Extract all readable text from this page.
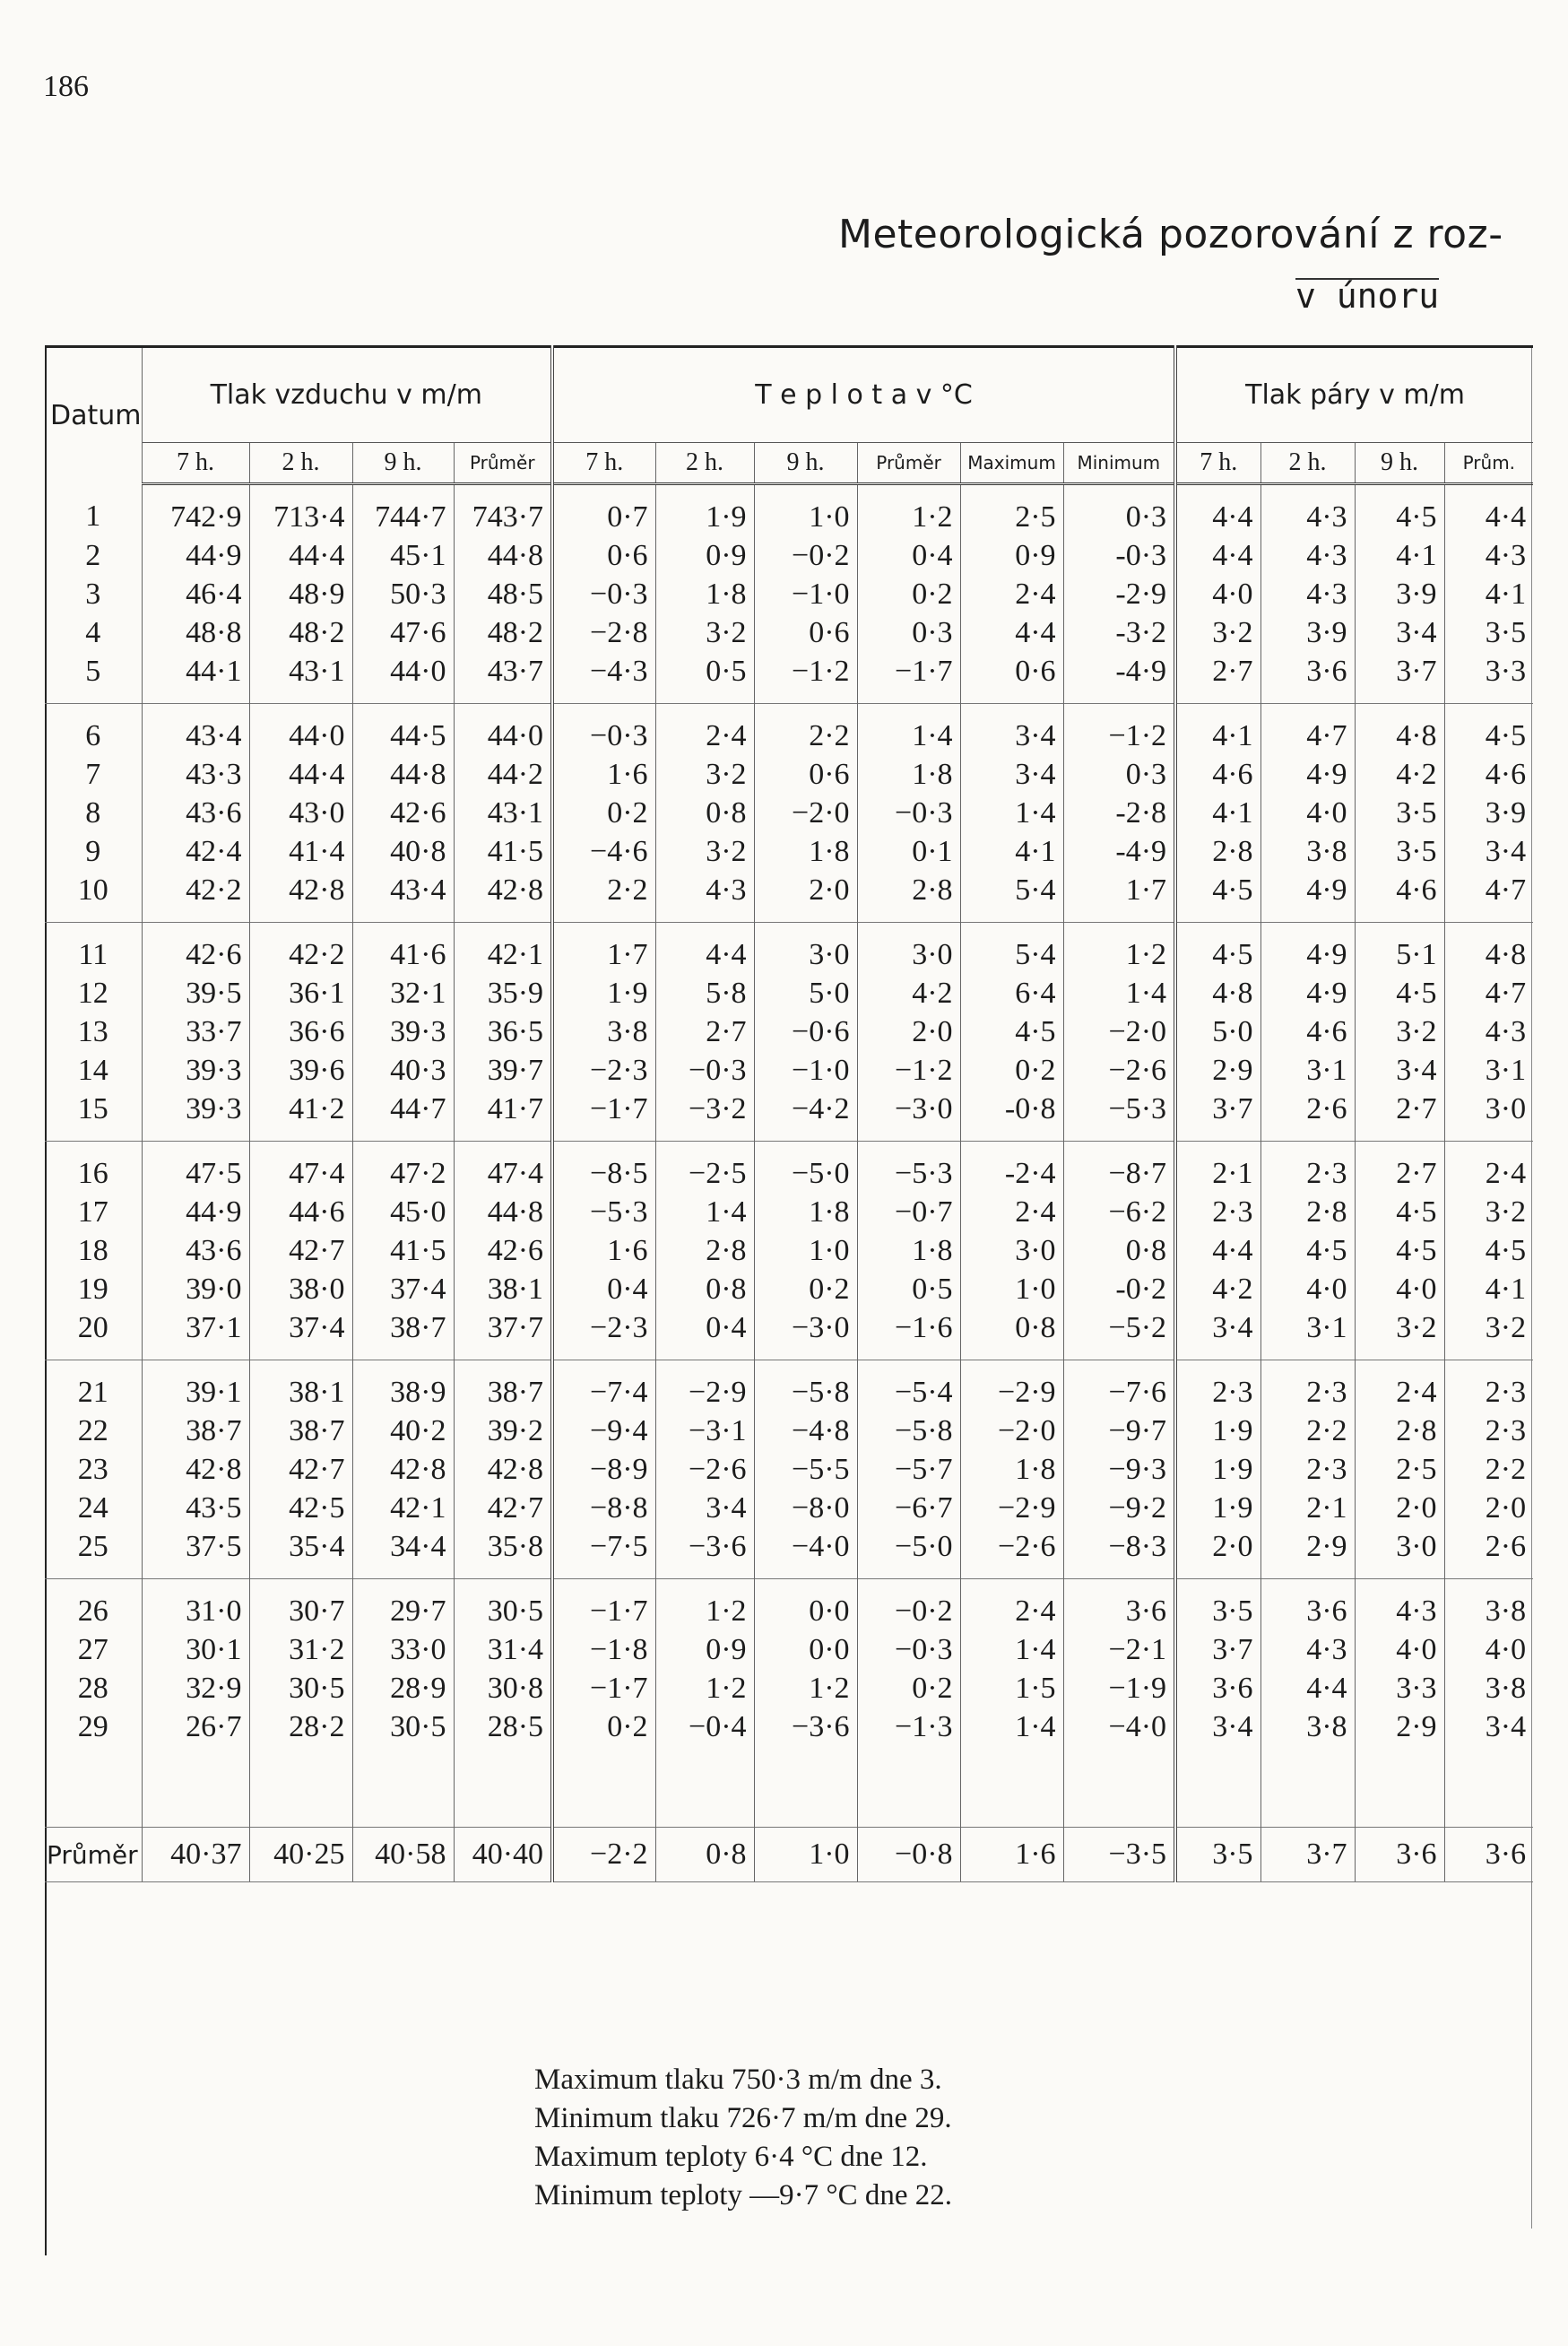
186
Meteorologická pozorování z roz-
v únoru
Datum	Tlak vzduchu v m/m				T e p l o t a v °C						Tlak páry v m/m			
	7 h.	2 h.	9 h.	Průměr	7 h.	2 h.	9 h.	Průměr	Maximum	Minimum	7 h.	2 h.	9 h.	Prům.
1	742·9	713·4	744·7	743·7	0·7	1·9	1·0	1·2	2·5	0·3	4·4	4·3	4·5	4·4
2	44·9	44·4	45·1	44·8	0·6	0·9	−0·2	0·4	0·9	-0·3	4·4	4·3	4·1	4·3
3	46·4	48·9	50·3	48·5	−0·3	1·8	−1·0	0·2	2·4	-2·9	4·0	4·3	3·9	4·1
4	48·8	48·2	47·6	48·2	−2·8	3·2	0·6	0·3	4·4	-3·2	3·2	3·9	3·4	3·5
5	44·1	43·1	44·0	43·7	−4·3	0·5	−1·2	−1·7	0·6	-4·9	2·7	3·6	3·7	3·3
6	43·4	44·0	44·5	44·0	−0·3	2·4	2·2	1·4	3·4	−1·2	4·1	4·7	4·8	4·5
7	43·3	44·4	44·8	44·2	1·6	3·2	0·6	1·8	3·4	0·3	4·6	4·9	4·2	4·6
8	43·6	43·0	42·6	43·1	0·2	0·8	−2·0	−0·3	1·4	-2·8	4·1	4·0	3·5	3·9
9	42·4	41·4	40·8	41·5	−4·6	3·2	1·8	0·1	4·1	-4·9	2·8	3·8	3·5	3·4
10	42·2	42·8	43·4	42·8	2·2	4·3	2·0	2·8	5·4	1·7	4·5	4·9	4·6	4·7
11	42·6	42·2	41·6	42·1	1·7	4·4	3·0	3·0	5·4	1·2	4·5	4·9	5·1	4·8
12	39·5	36·1	32·1	35·9	1·9	5·8	5·0	4·2	6·4	1·4	4·8	4·9	4·5	4·7
13	33·7	36·6	39·3	36·5	3·8	2·7	−0·6	2·0	4·5	−2·0	5·0	4·6	3·2	4·3
14	39·3	39·6	40·3	39·7	−2·3	−0·3	−1·0	−1·2	0·2	−2·6	2·9	3·1	3·4	3·1
15	39·3	41·2	44·7	41·7	−1·7	−3·2	−4·2	−3·0	-0·8	−5·3	3·7	2·6	2·7	3·0
16	47·5	47·4	47·2	47·4	−8·5	−2·5	−5·0	−5·3	-2·4	−8·7	2·1	2·3	2·7	2·4
17	44·9	44·6	45·0	44·8	−5·3	1·4	1·8	−0·7	2·4	−6·2	2·3	2·8	4·5	3·2
18	43·6	42·7	41·5	42·6	1·6	2·8	1·0	1·8	3·0	0·8	4·4	4·5	4·5	4·5
19	39·0	38·0	37·4	38·1	0·4	0·8	0·2	0·5	1·0	-0·2	4·2	4·0	4·0	4·1
20	37·1	37·4	38·7	37·7	−2·3	0·4	−3·0	−1·6	0·8	−5·2	3·4	3·1	3·2	3·2
21	39·1	38·1	38·9	38·7	−7·4	−2·9	−5·8	−5·4	−2·9	−7·6	2·3	2·3	2·4	2·3
22	38·7	38·7	40·2	39·2	−9·4	−3·1	−4·8	−5·8	−2·0	−9·7	1·9	2·2	2·8	2·3
23	42·8	42·7	42·8	42·8	−8·9	−2·6	−5·5	−5·7	1·8	−9·3	1·9	2·3	2·5	2·2
24	43·5	42·5	42·1	42·7	−8·8	3·4	−8·0	−6·7	−2·9	−9·2	1·9	2·1	2·0	2·0
25	37·5	35·4	34·4	35·8	−7·5	−3·6	−4·0	−5·0	−2·6	−8·3	2·0	2·9	3·0	2·6
26	31·0	30·7	29·7	30·5	−1·7	1·2	0·0	−0·2	2·4	3·6	3·5	3·6	4·3	3·8
27	30·1	31·2	33·0	31·4	−1·8	0·9	0·0	−0·3	1·4	−2·1	3·7	4·3	4·0	4·0
28	32·9	30·5	28·9	30·8	−1·7	1·2	1·2	0·2	1·5	−1·9	3·6	4·4	3·3	3·8
29	26·7	28·2	30·5	28·5	0·2	−0·4	−3·6	−1·3	1·4	−4·0	3·4	3·8	2·9	3·4
Průměr	40·37	40·25	40·58	40·40	−2·2	0·8	1·0	−0·8	1·6	−3·5	3·5	3·7	3·6	3·6
Maximum tlaku 750·3 m/m dne 3.
Minimum tlaku 726·7 m/m dne 29.
Maximum teploty 6·4 °C dne 12.
Minimum teploty —9·7 °C dne 22.
